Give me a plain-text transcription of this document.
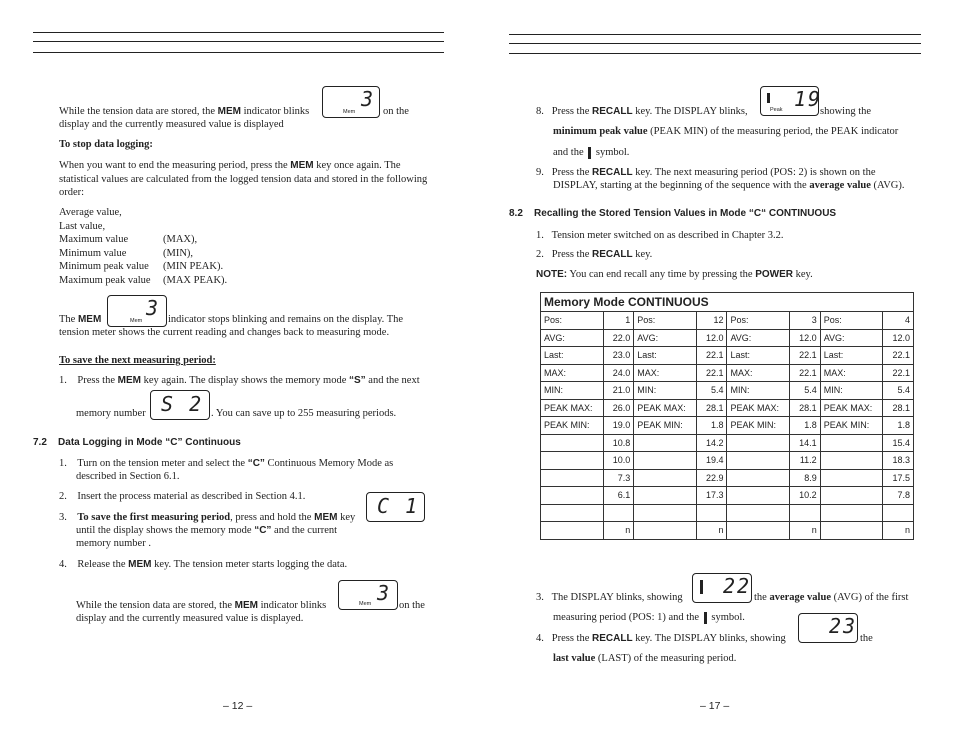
While the tension data are stored, the MEM indicator blinks

3
Mem	on the

display and the currently measured value is displayed

To stop data logging:

When you want to end the measuring period, press the MEM key once again. The
statistical values are calculated from the logged tension data and stored in the following
order:

Average value,

Last value,

Maximum value	(MAX),

Minimum value	(MIN),

Minimum peak value (MIN PEAK).

Maximum peak value (MAX PEAK).

The MEM 3
Mem indicator stops blinking and remains on the display. The

tension meter shows the current reading and changes back to measuring mode.

To save the next measuring period:

1. Press the MEM key again. The display shows the memory mode “S” and the next

memory number S 2 . You can save up to 255 measuring periods.

7.2 Data Logging in Mode “C” Continuous

1. Turn on the tension meter and select the “C” Continuous Memory Mode as

described in Section 6.1.

2. Insert the process material as described in Section 4.1.	C 1

3. To save the first measuring period, press and hold the MEM key

until the display shows the memory mode “C” and the current

memory number .

4. Release the MEM key. The tension meter starts logging the data.

While the tension data are stored, the MEM indicator blinks

3
Mem	on the

display and the currently measured value is displayed.

– 12 –

8. Press the RECALL key. The DISPLAY blinks,

19
Peak	showing the

minimum peak value (PEAK MIN) of the measuring period, the PEAK indicator

and the symbol.

9. Press the RECALL key. The next measuring period (POS: 2) is shown on the

DISPLAY, starting at the beginning of the sequence with the average value (AVG).

8.2 Recalling the Stored Tension Values in Mode “C“ CONTINUOUS

1. Tension meter switched on as described in Chapter 3.2.

2. Press the RECALL key.

NOTE: You can end recall any time by pressing the POWER key.

Memory Mode CONTINUOUS							
Pos:	1	Pos:	12	Pos:	3	Pos:	4
AVG:	22.0	AVG:	12.0	AVG:	12.0	AVG:	12.0
Last:	23.0	Last:	22.1	Last:	22.1	Last:	22.1
MAX:	24.0	MAX:	22.1	MAX:	22.1	MAX:	22.1
MIN:	21.0	MIN:	5.4	MIN:	5.4	MIN:	5.4
PEAK MAX:	26.0	PEAK MAX:	28.1	PEAK MAX:	28.1	PEAK MAX:	28.1
PEAK MIN:	19.0	PEAK MIN:	1.8	PEAK MIN:	1.8	PEAK MIN:	1.8
	10.8		14.2		14.1		15.4
	10.0		19.4		11.2		18.3
	7.3		22.9		8.9		17.5
	6.1		17.3		10.2		7.8

	n		n		n		n

3. The DISPLAY blinks, showing 22 the average value (AVG) of the first

measuring period (POS: 1) and the symbol.

4. Press the RECALL key. The DISPLAY blinks, showing

23

the

last value (LAST) of the measuring period.

– 17 –
